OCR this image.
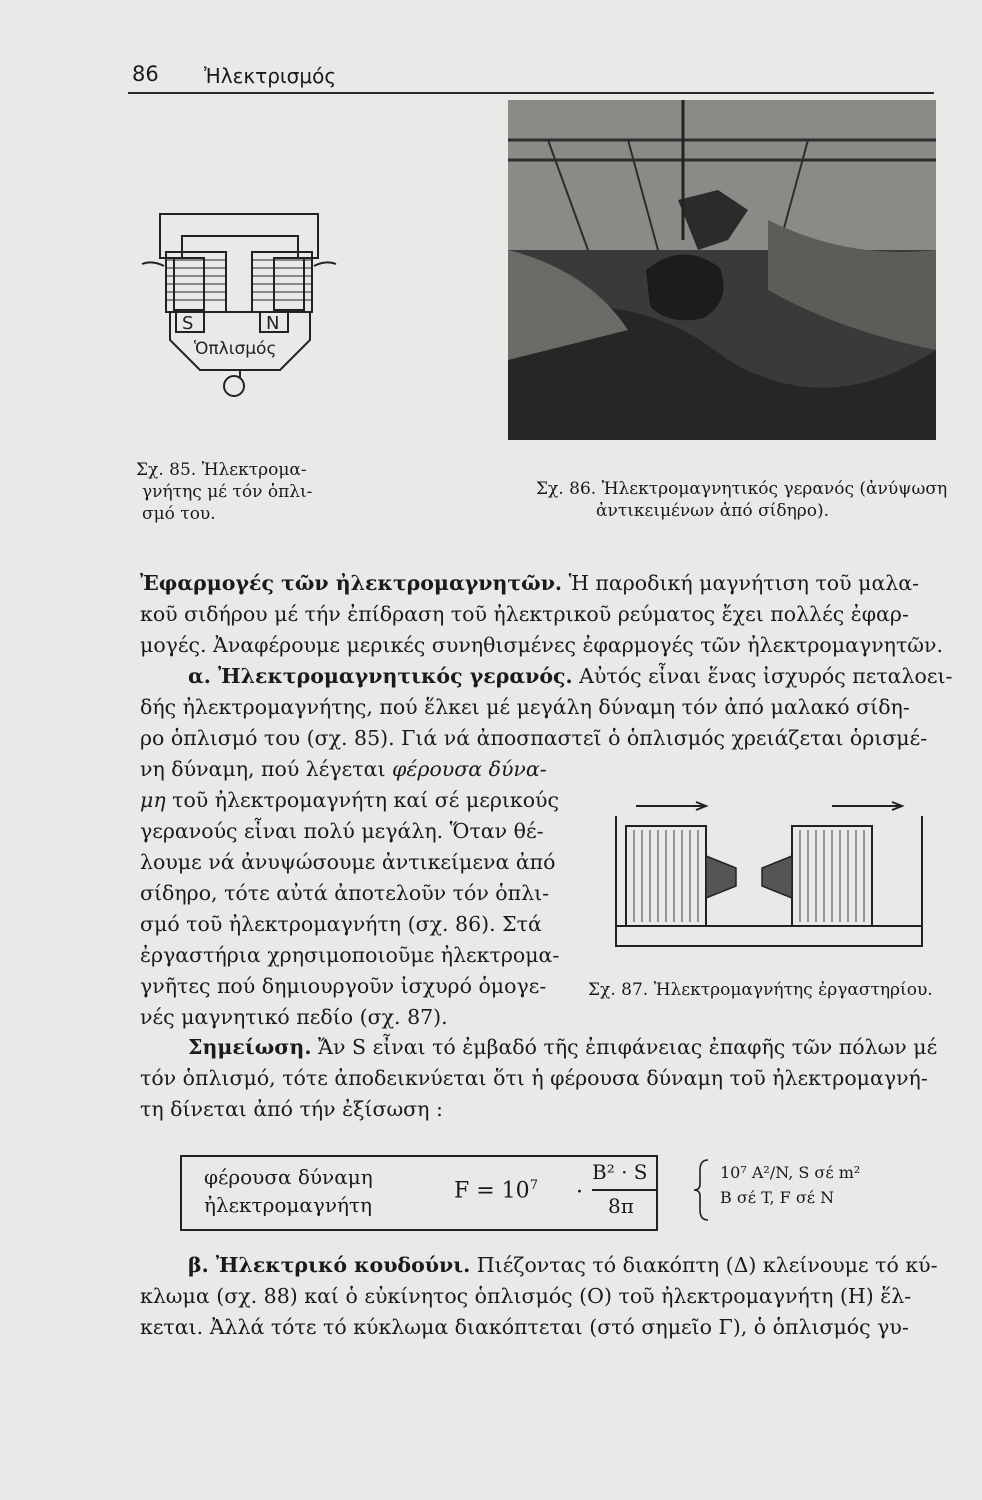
86 Ἠλεκτρισμός
S	N
Ὁπλισμός
Σχ. 85. Ἠλεκτρομα-
γνήτης μέ τόν ὁπλι-
σμό του.
Σχ. 86. Ἠλεκτρομαγνητικός γερανός (ἀνύψωση
ἀντικειμένων ἀπό σίδηρο).
Ἐφαρμογές τῶν ἠλεκτρομαγνητῶν. Ἡ παροδική μαγνήτιση τοῦ μαλα-
κοῦ σιδήρου μέ τήν ἐπίδραση τοῦ ἠλεκτρικοῦ ρεύματος ἔχει πολλές ἐφαρ-
μογές. Ἀναφέρουμε μερικές συνηθισμένες ἐφαρμογές τῶν ἠλεκτρομαγνητῶν.
α. Ἠλεκτρομαγνητικός γερανός. Αὐτός εἶναι ἕνας ἰσχυρός πεταλοει-
δής ἠλεκτρομαγνήτης, πού ἕλκει μέ μεγάλη δύναμη τόν ἀπό μαλακό σίδη-
ρο ὁπλισμό του (σχ. 85). Γιά νά ἀποσπαστεῖ ὁ ὁπλισμός χρειάζεται ὁρισμέ-
νη δύναμη, πού λέγεται φέρουσα δύνα-
μη τοῦ ἠλεκτρομαγνήτη καί σέ μερικούς
γερανούς εἶναι πολύ μεγάλη. Ὅταν θέ-
λουμε νά ἀνυψώσουμε ἀντικείμενα ἀπό
σίδηρο, τότε αὐτά ἀποτελοῦν τόν ὁπλι-
σμό τοῦ ἠλεκτρομαγνήτη (σχ. 86). Στά
ἐργαστήρια χρησιμοποιοῦμε ἠλεκτρομα-
γνῆτες πού δημιουργοῦν ἰσχυρό ὁμογε-
νές μαγνητικό πεδίο (σχ. 87).
Σχ. 87. Ἠλεκτρομαγνήτης ἐργαστηρίου.
Σημείωση. Ἄν S εἶναι τό ἐμβαδό τῆς ἐπιφάνειας ἐπαφῆς τῶν πόλων μέ
τόν ὁπλισμό, τότε ἀποδεικνύεται ὅτι ἡ φέρουσα δύναμη τοῦ ἠλεκτρομαγνή-
τη δίνεται ἀπό τήν ἐξίσωση :
φέρουσα δύναμη
ἠλεκτρομαγνήτη
$F = 10^7$ ·
B² · S
8π
10⁷ A²/N, S σέ m²
B σέ T, F σέ N
β. Ἠλεκτρικό κουδούνι. Πιέζοντας τό διακόπτη (Δ) κλείνουμε τό κύ-
κλωμα (σχ. 88) καί ὁ εὐκίνητος ὁπλισμός (Ο) τοῦ ἠλεκτρομαγνήτη (Η) ἕλ-
κεται. Ἀλλά τότε τό κύκλωμα διακόπτεται (στό σημεῖο Γ), ὁ ὁπλισμός γυ-
